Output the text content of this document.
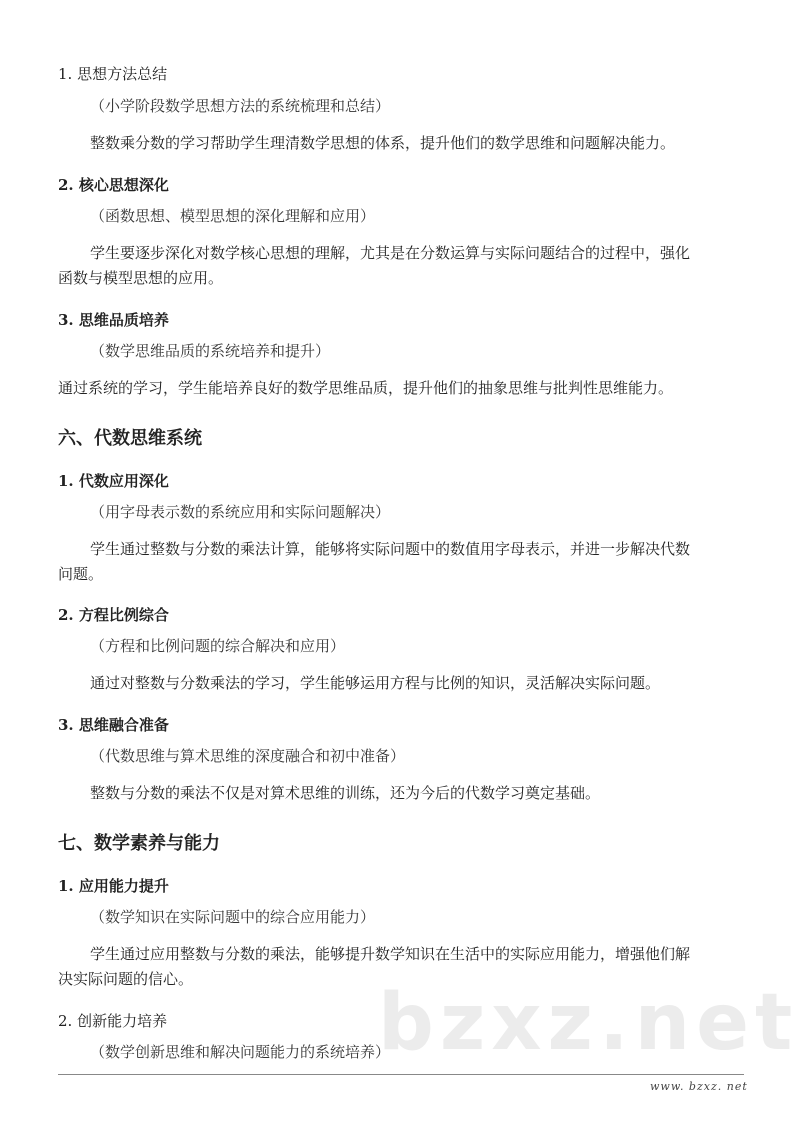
1. 思想方法总结
（小学阶段数学思想方法的系统梳理和总结）
整数乘分数的学习帮助学生理清数学思想的体系，提升他们的数学思维和问题解决能力。
2. 核心思想深化
（函数思想、模型思想的深化理解和应用）
学生要逐步深化对数学核心思想的理解，尤其是在分数运算与实际问题结合的过程中，强化
函数与模型思想的应用。
3. 思维品质培养
（数学思维品质的系统培养和提升）
通过系统的学习，学生能培养良好的数学思维品质，提升他们的抽象思维与批判性思维能力。
六、代数思维系统
1. 代数应用深化
（用字母表示数的系统应用和实际问题解决）
学生通过整数与分数的乘法计算，能够将实际问题中的数值用字母表示，并进一步解决代数
问题。
2. 方程比例综合
（方程和比例问题的综合解决和应用）
通过对整数与分数乘法的学习，学生能够运用方程与比例的知识，灵活解决实际问题。
3. 思维融合准备
（代数思维与算术思维的深度融合和初中准备）
整数与分数的乘法不仅是对算术思维的训练，还为今后的代数学习奠定基础。
七、数学素养与能力
1. 应用能力提升
（数学知识在实际问题中的综合应用能力）
学生通过应用整数与分数的乘法，能够提升数学知识在生活中的实际应用能力，增强他们解
决实际问题的信心。 bzxz.net
2. 创新能力培养
（数学创新思维和解决问题能力的系统培养）
www. bzxz. net
